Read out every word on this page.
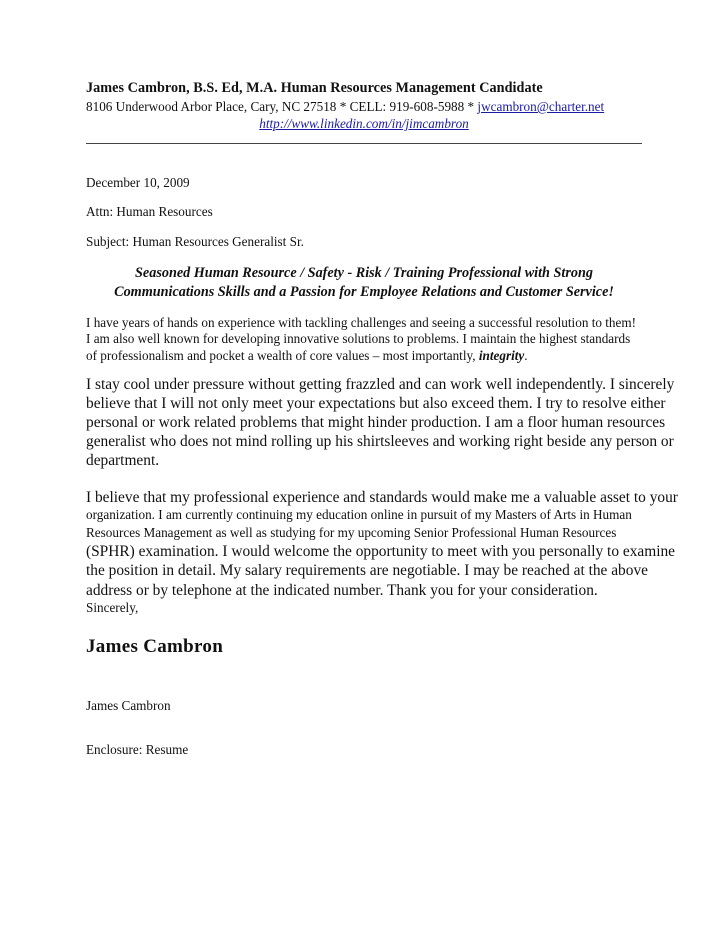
James Cambron, B.S. Ed, M.A. Human Resources Management Candidate
8106 Underwood Arbor Place, Cary, NC 27518 * CELL: 919-608-5988 * jwcambron@charter.net
http://www.linkedin.com/in/jimcambron
December 10, 2009
Attn: Human Resources
Subject: Human Resources Generalist Sr.
Seasoned Human Resource / Safety - Risk / Training Professional with Strong
Communications Skills and a Passion for Employee Relations and Customer Service!
I have years of hands on experience with tackling challenges and seeing a successful resolution to them!
I am also well known for developing innovative solutions to problems. I maintain the highest standards
of professionalism and pocket a wealth of core values – most importantly, integrity.
I stay cool under pressure without getting frazzled and can work well independently. I sincerely
believe that I will not only meet your expectations but also exceed them. I try to resolve either
personal or work related problems that might hinder production. I am a floor human resources
generalist who does not mind rolling up his shirtsleeves and working right beside any person or
department.
I believe that my professional experience and standards would make me a valuable asset to your
organization. I am currently continuing my education online in pursuit of my Masters of Arts in Human
Resources Management as well as studying for my upcoming Senior Professional Human Resources
(SPHR) examination. I would welcome the opportunity to meet with you personally to examine
the position in detail. My salary requirements are negotiable. I may be reached at the above
address or by telephone at the indicated number. Thank you for your consideration.
Sincerely,
James Cambron
James Cambron
Enclosure: Resume
